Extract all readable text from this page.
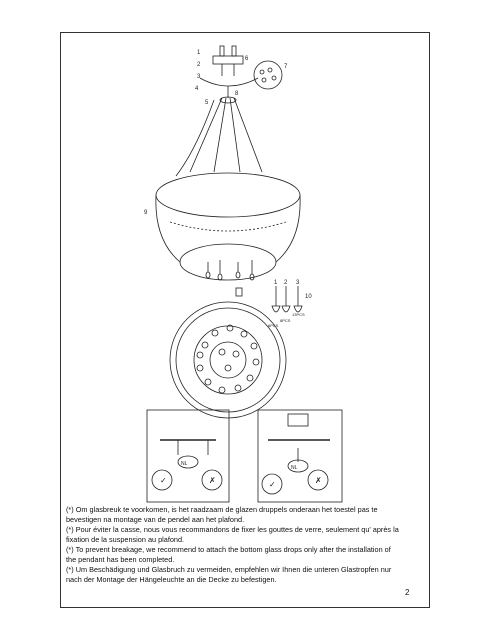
1
2
3
4
5
6
7
8
9
10
1 2 3
13PCS
8PCS
6PCS
NL
NL
✓	✗	✓	✗
(*) Om glasbreuk te voorkomen, is het raadzaam de glazen druppels onderaan het toestel pas te
bevestigen na montage van de pendel aan het plafond.
(*) Pour éviter la casse, nous vous recommandons de fixer les gouttes de verre, seulement qu' après la
fixation de la suspension au plafond.
(*) To prevent breakage, we recommend to attach the bottom glass drops only after the installation of
the pendant has been completed.
(*) Um Beschädigung und Glasbruch zu vermeiden, empfehlen wir Ihnen die unteren Glastropfen nur
nach der Montage der Hängeleuchte an die Decke zu befestigen.
2
